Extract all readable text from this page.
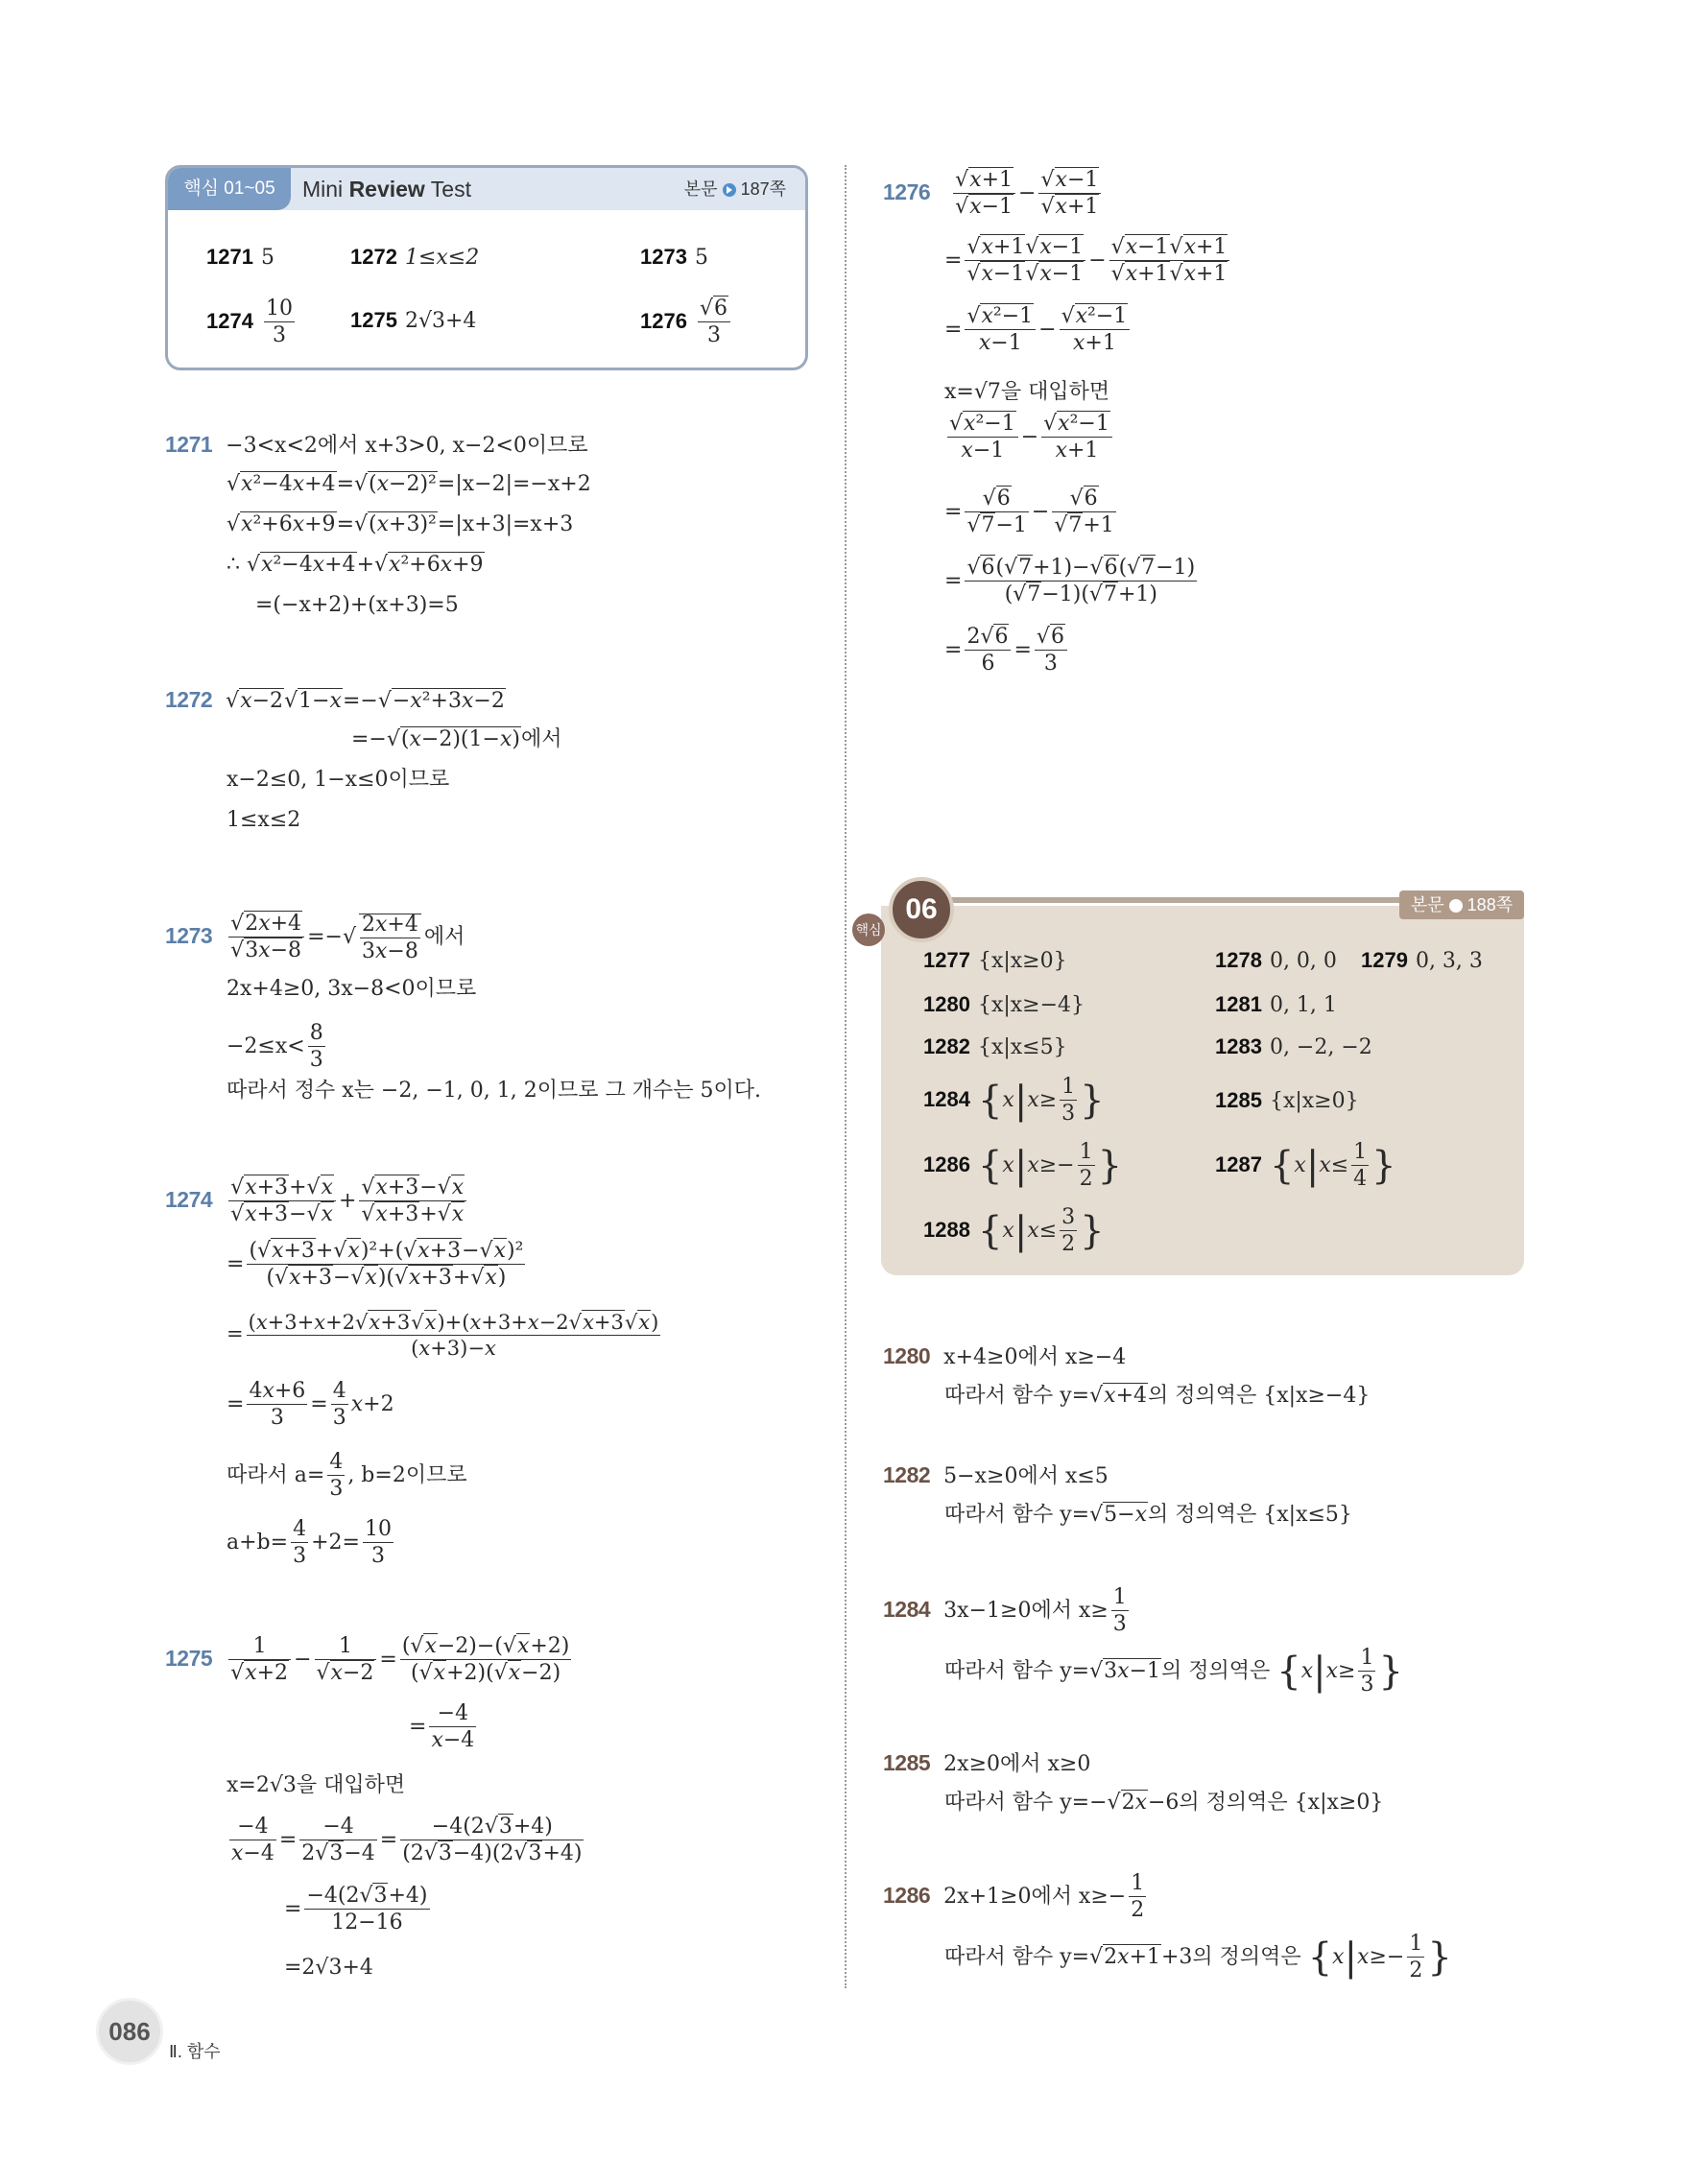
핵심 01~05	Mini Review Test	본문 187쪽
1271 5	1272 1≤x≤2	1273 5
$1274 \frac{10}{3}$	1275 2√3+4	1276 √ $\frac{6}{3}$
1271 −3<x<2에서 x+3>0, x−2<0이므로
√ x²−4x+4= √ (x−2)²=|x−2|=−x+2
√ x²+6x+9= √ (x+3)²=|x+3|=x+3
∴ √ x²−4x+4+ √ x²+6x+9
=(−x+2)+(x+3)=5
1272 √ x−2 √ 1−x=− √ −x²+3x−2
=− √ (x−2)(1−x)에서
x−2≤0, 1−x≤0이므로
1≤x≤2
1273 √ 2x+4
√ 3x−8 =− √ $\frac{2x+4}{3x-8}$ 에서
2x+4≥0, 3x−8<0이므로
$-2\le x< \frac{8}{3}$
따라서 정수 x는 −2, −1, 0, 1, 2이므로 그 개수는 5이다.
1274 √ x+3+ √ x
√ x+3− √ x + √ x+3− √ x
√ x+3+ √ x
= $\frac{\text{( √ x+3+ √ x)²+( √ x+3− √ x)²}}{( √ x+3- √ x)( √ x+3+ √ x)}$
= $\frac{(x+3+x+2 √ x+3 √ x)+(x+3+x-2 √ x+3 √ x)}{(x+3)-x}$
= $\frac{4x+6}{3} = \frac{4}{3} x+2$
따라서 $a= \frac{4}{3}$ , b=2이므로
$a+b= \frac{4}{3} +2= \frac{10}{3}$
1275 1
√ x+2 − 1
√ $x-2 = \frac{( √ x-2)-( √ x+2)}{( √ x+2)( √ x-2)}$
= $\frac{-4}{x-4}$
x=2√3을 대입하면
$\frac{-4}{x-4} = \frac{-4}{2 √ 3-4} = \frac{-4(2 √ 3+4)}{(2 √ 3-4)(2 √ 3+4)}$
= $\frac{-4(2 √ 3+4)}{12-16}$
=2√3+4
1276 √ x+1
√ x−1 − √ x−1
√ x+1
= √ x+1 √ x−1
√ x−1 √ x−1 − √ x−1 √ x+1
√ x+1 √ x+1
= √ $\frac{\text{x²−1}}{x-1}$ − √ $\frac{\text{x²−1}}{x+1}$
x=√7을 대입하면
√ $\frac{\text{x²−1}}{x-1}$ − √ $\frac{\text{x²−1}}{x+1}$
= √ 6
√ 7−1 − √ 6
√ 7+1
= √ $\frac{6( √ 7+1)- √ 6( √ 7-1)}{( √ 7-1)( √ 7+1)}$
= $\frac{2 √ 6}{6}$ = √ $\frac{6}{3}$
핵심
06	본문 188쪽
1277 {x|x≥0}	1278 0, 0, 0 1279 0, 3, 3
1280 {x|x≥−4}	1281 0, 1, 1
1282 {x|x≤5}	1283 0, −2, −2
1284 {$x|x\ge \frac{1}{3}$ }	1285 {x|x≥0}
1286 {$x|x\ge- \frac{1}{2}$ }	1287 {$x|x\le \frac{1}{4}$ }
1288 {$x|x\le \frac{3}{2}$ }
1280 x+4≥0에서 x≥−4
따라서 함수 y= √ x+4의 정의역은 {x|x≥−4}
1282 5−x≥0에서 x≤5
따라서 함수 y= √ 5−x의 정의역은 {x|x≤5}
1284 3x−1≥0에서 $x\ge \frac{1}{3}$
따라서 함수 y= √ 3x−1의 정의역은 {$x|x\ge \frac{1}{3}$ }
1285 2x≥0에서 x≥0
따라서 함수 y=− √ 2x−6의 정의역은 {x|x≥0}
1286 2x+1≥0에서 $x\ge- \frac{1}{2}$
따라서 함수 y= √ 2x+1+3의 정의역은 {$x|x\ge- \frac{1}{2}$ }
086
Ⅱ. 함수
